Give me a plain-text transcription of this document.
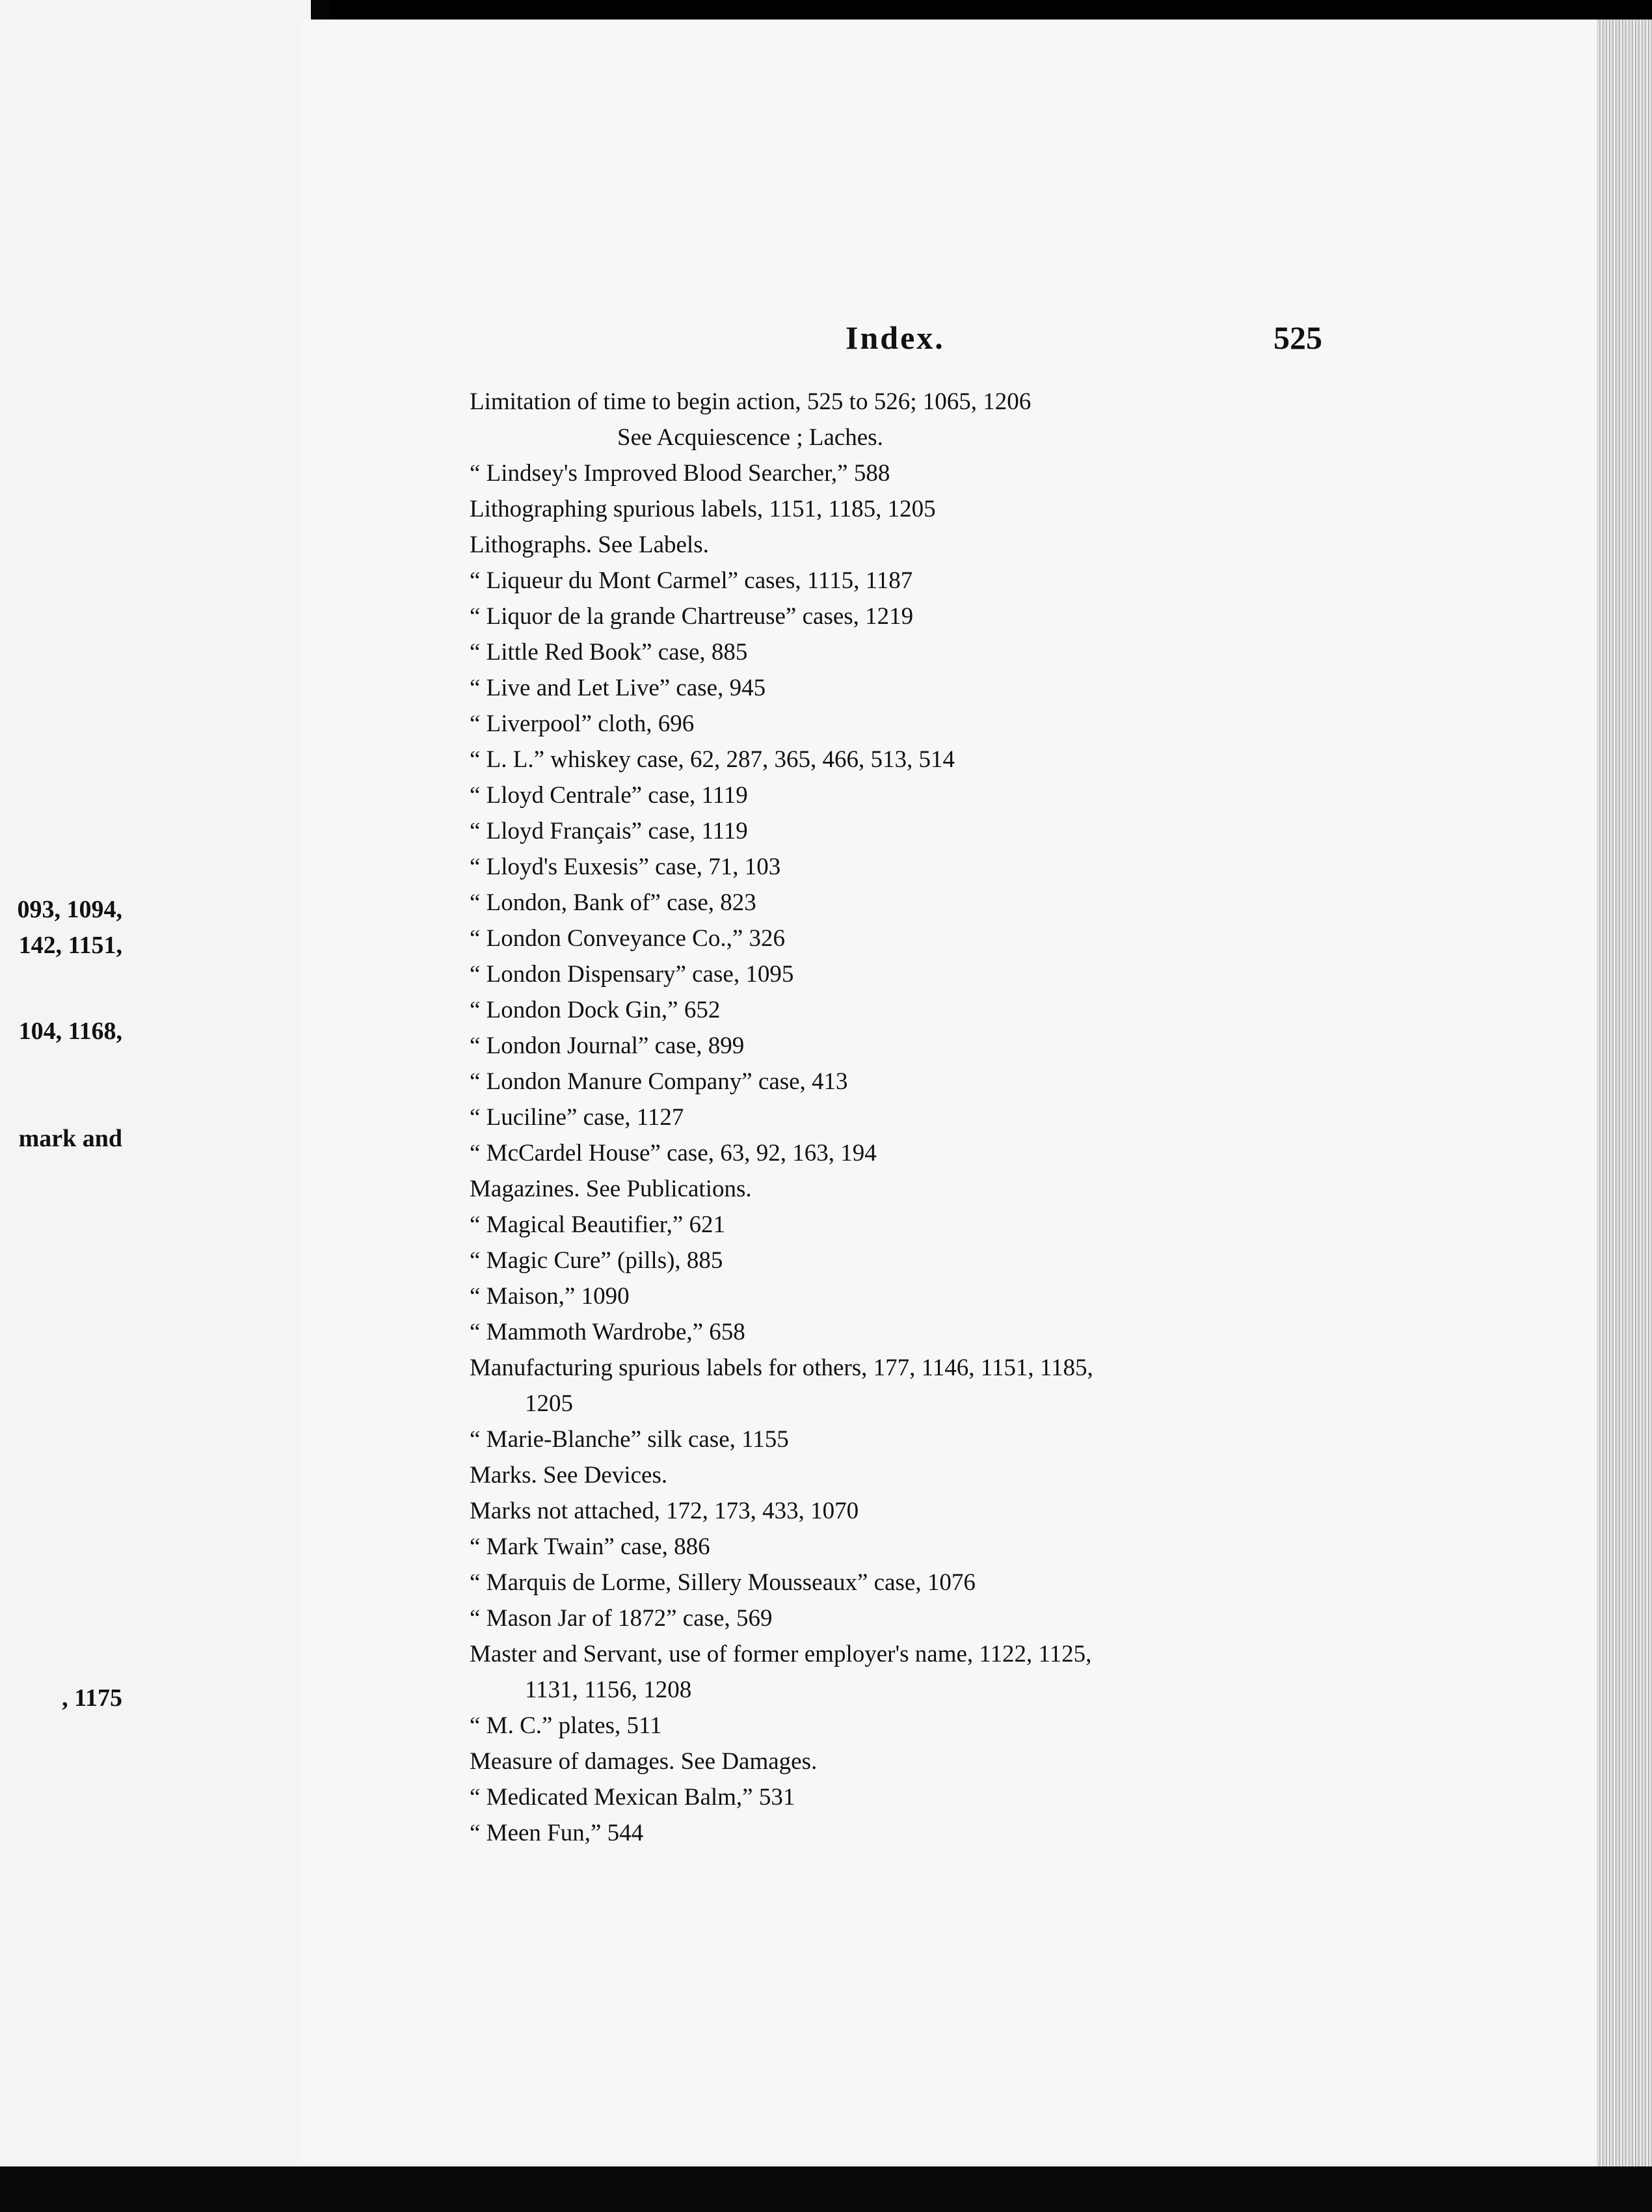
093, 1094,
142, 1151,
104, 1168,
mark and
, 1175
Index.	525
Limitation of time to begin action, 525 to 526; 1065, 1206
See Acquiescence ; Laches.
“ Lindsey's Improved Blood Searcher,” 588
Lithographing spurious labels, 1151, 1185, 1205
Lithographs. See Labels.
“ Liqueur du Mont Carmel” cases, 1115, 1187
“ Liquor de la grande Chartreuse” cases, 1219
“ Little Red Book” case, 885
“ Live and Let Live” case, 945
“ Liverpool” cloth, 696
“ L. L.” whiskey case, 62, 287, 365, 466, 513, 514
“ Lloyd Centrale” case, 1119
“ Lloyd Français” case, 1119
“ Lloyd's Euxesis” case, 71, 103
“ London, Bank of” case, 823
“ London Conveyance Co.,” 326
“ London Dispensary” case, 1095
“ London Dock Gin,” 652
“ London Journal” case, 899
“ London Manure Company” case, 413
“ Luciline” case, 1127
“ McCardel House” case, 63, 92, 163, 194
Magazines. See Publications.
“ Magical Beautifier,” 621
“ Magic Cure” (pills), 885
“ Maison,” 1090
“ Mammoth Wardrobe,” 658
Manufacturing spurious labels for others, 177, 1146, 1151, 1185,
1205
“ Marie-Blanche” silk case, 1155
Marks. See Devices.
Marks not attached, 172, 173, 433, 1070
“ Mark Twain” case, 886
“ Marquis de Lorme, Sillery Mousseaux” case, 1076
“ Mason Jar of 1872” case, 569
Master and Servant, use of former employer's name, 1122, 1125,
1131, 1156, 1208
“ M. C.” plates, 511
Measure of damages. See Damages.
“ Medicated Mexican Balm,” 531
“ Meen Fun,” 544
